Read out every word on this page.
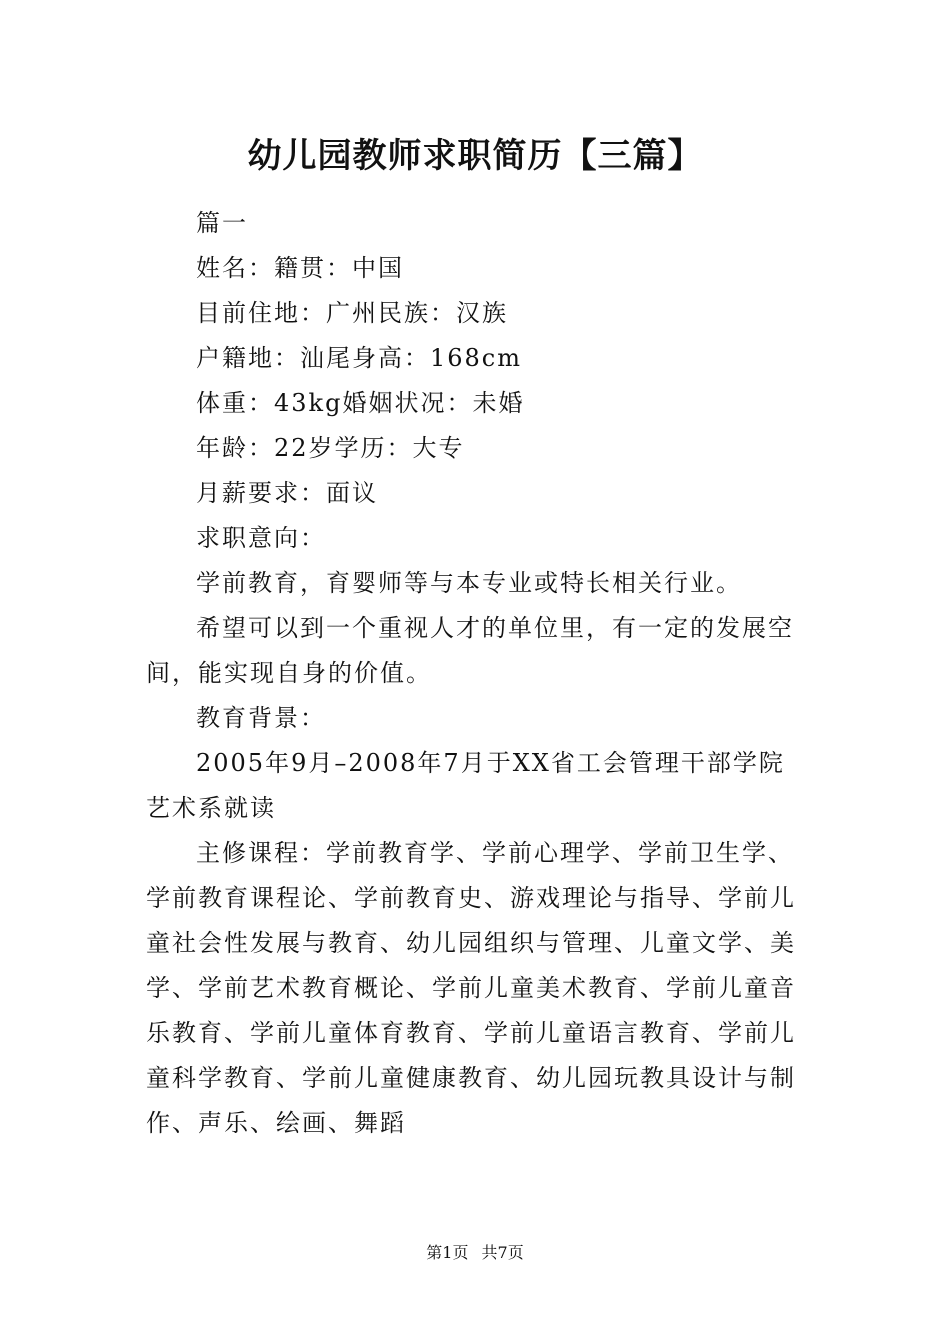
幼儿园教师求职简历【三篇】

篇一

姓名：籍贯：中国

目前住地：广州民族：汉族

户籍地：汕尾身高：168cm

体重：43kg婚姻状况：未婚

年龄：22岁学历：大专

月薪要求：面议

求职意向：

学前教育，育婴师等与本专业或特长相关行业。

希望可以到一个重视人才的单位里，有一定的发展空间，能实现自身的价值。

教育背景：

2005年9月–2008年7月于XX省工会管理干部学院艺术系就读

主修课程：学前教育学、学前心理学、学前卫生学、学前教育课程论、学前教育史、游戏理论与指导、学前儿童社会性发展与教育、幼儿园组织与管理、儿童文学、美学、学前艺术教育概论、学前儿童美术教育、学前儿童音乐教育、学前儿童体育教育、学前儿童语言教育、学前儿童科学教育、学前儿童健康教育、幼儿园玩教具设计与制作、声乐、绘画、舞蹈

第1页 共7页
